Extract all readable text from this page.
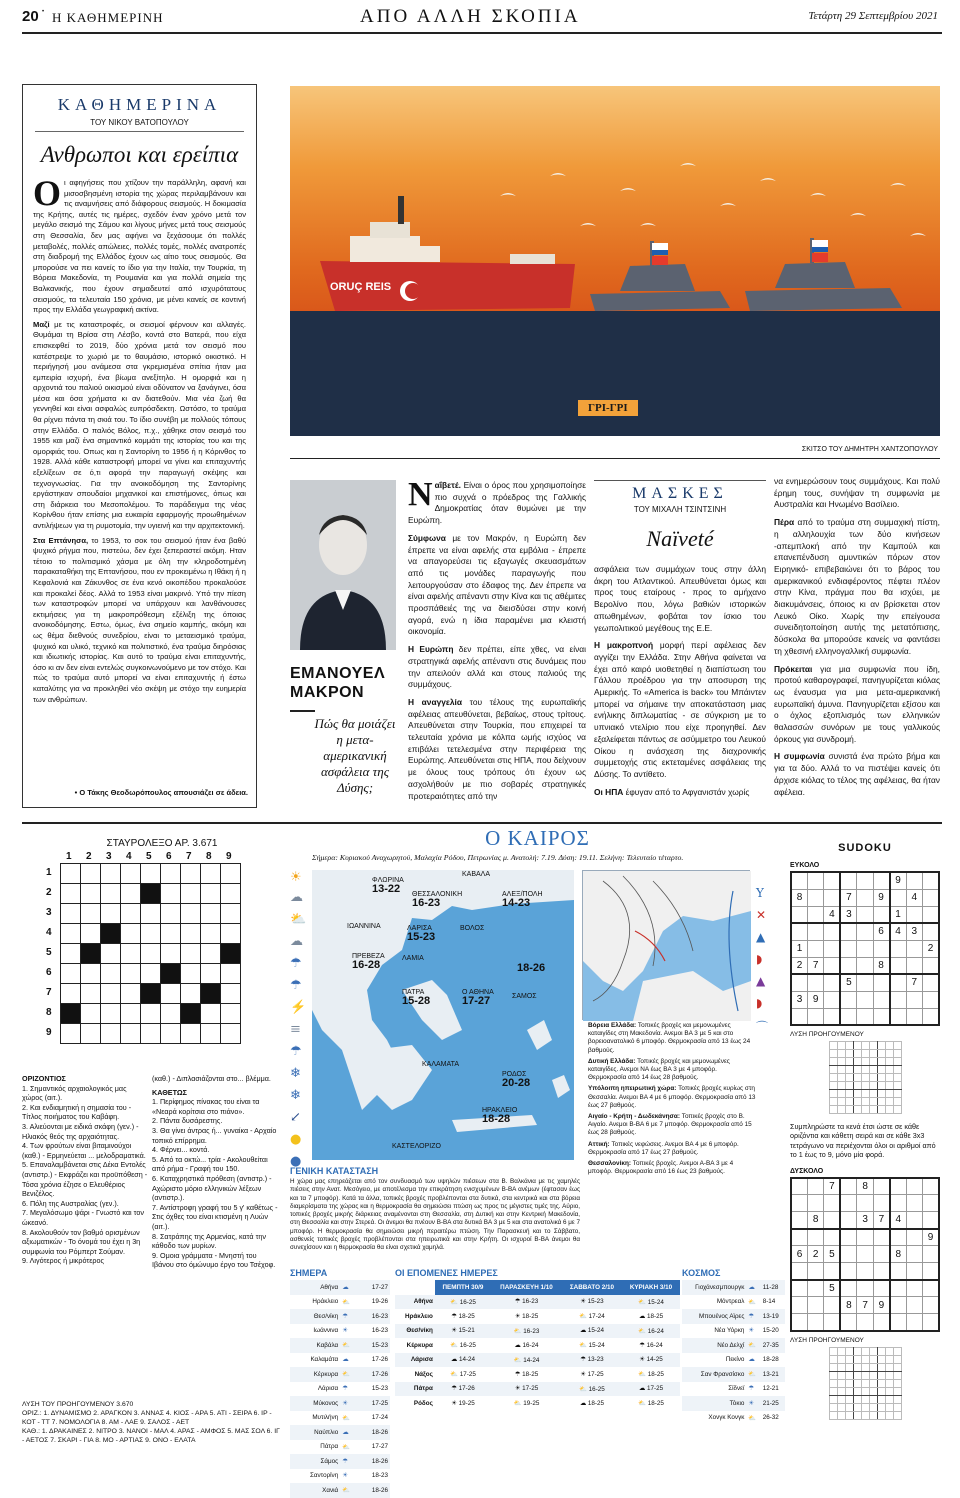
20 • Η ΚΑΘΗΜΕΡΙΝΗ	ΑΠΟ ΑΛΛΗ ΣΚΟΠΙΑ	Τετάρτη 29 Σεπτεμβρίου 2021
ΚΑΘΗΜΕΡΙΝΑ
ΤΟΥ ΝΙΚΟΥ ΒΑΤΟΠΟΥΛΟΥ
Ανθρωποι και ερείπια

Οι αφηγήσεις που χτίζουν την παράλληλη, αφανή και μισοσβησμένη ιστορία της χώρας περιλαμβάνουν και τις αναμνήσεις από διάφορους σεισμούς. Η δοκιμασία της Κρήτης, αυτές τις ημέρες, σχεδόν έναν χρόνο μετά τον μεγάλο σεισμό της Σάμου και λίγους μήνες μετά τους σεισμούς στη Θεσσαλία, δεν μας αφήνει να ξεχάσουμε ότι πολλές μεταβολές, πολλές απώλειες, πολλές τομές, πολλές ανατροπές στη διαδρομή της Ελλάδος έχουν ως αίτιο τους σεισμούς. Θα μπορούσε να πει κανείς το ίδιο για την Ιταλία, την Τουρκία, τη Βόρεια Μακεδονία, τη Ρουμανία και για πολλά σημεία της Βαλκανικής, που έχουν σημαδευτεί από ισχυρότατους σεισμούς, τα τελευταία 150 χρόνια, με μένει κανείς σε κοντινή προς την Ελλάδα γεωγραφική ακτίνα.

Μαζί με τις καταστροφές, οι σεισμοί φέρνουν και αλλαγές. Θυμάμαι τη Βρίσα στη Λέσβο, κοντά στο Βατερά, που είχα επισκεφθεί το 2019, δύο χρόνια μετά τον σεισμό που κατέστρεψε το χωριό με το θαυμάσιο, ιστορικό οικιστικό. Η περιήγησή μου ανάμεσα στα γκρεμισμένα σπίτια ήταν μια εμπειρία ισχυρή, ένα βίωμα ανεξίτηλο. Η ομορφιά και η αρχοντιά του παλιού οικισμού είναι οδύνατον να ξανάγινει, όσα μέσα και όσα χρήματα κι αν διατεθούν. Μια νέα ζωή θα γεννηθεί και είναι ασφαλώς ευπρόσδεκτη. Ωστόσο, το τραύμα θα ρίχνει πάντα τη σκιά του. Το ίδιο συνέβη με πολλούς τόπους στην Ελλάδα. Ο παλιός Βόλος, π.χ., χάθηκε στον σεισμό του 1955 και μαζί ένα σημαντικό κομμάτι της ιστορίας του και της ομορφιάς του. Οπως και η Σαντορίνη το 1956 ή η Κόρινθος το 1928. Αλλά κάθε καταστροφή μπορεί να γίνει και επιταχυντής εξελίξεων σε ό,τι αφορά την παραγωγή σκέψης και τεχνογνωσίας. Για την ανοικοδόμηση της Σαντορίνης εργάστηκαν σπουδαίοι μηχανικοί και επιστήμονες, όπως και στη διάρκεια του Μεσοπολέμου. Το παράδειγμα της νέας Κορίνθου ήταν επίσης μια ευκαιρία εφαρμογής προωθημένων αντιλήψεων για τη ρυμοτομία, την υγιεινή και την αρχιτεκτονική.

Στα Επτάνησα, το 1953, το σοκ του σεισμού ήταν ένα βαθύ ψυχικό ρήγμα που, πιστεύω, δεν έχει ξεπεραστεί ακόμη. Ηταν τέτοιο το πολιτισμικό χάσμα με όλη την κληροδοτημένη παρακαταθήκη της Επτανήσου, που εν προκειμένω η Ιθάκη ή η Κεφαλονιά και Ζάκυνθος σε ένα κενό οικοπέδου προκαλούσε και προκαλεί δέος. Αλλά το 1953 είναι μακρινό. Υπό την πίεση των καταστροφών μπορεί να υπάρχουν και λανθάνουσες εκτιμήσεις για τη μακροπρόθεσμη εξέλιξη της όποιας ανοικοδόμησης. Εστω, όμως, ένα σημείο καμπής, ακόμη και ως θέμα διεθνούς συνεδρίου, είναι το μεταεισμικό τραύμα, ψυχικό και υλικό, τεχνικό και πολιτιστικό, ένα τραύμα διηρόσιας και ιδιωτικής ιστορίας. Και αυτό το τραύμα είναι επιταχυντής, όσο κι αν δεν είναι εντελώς συγκοινωνούμενο με τον στόχο. Και πώς το τραύμα αυτό μπορεί να είναι επιταχυντής ή έστω καταλύτης για να προκληθεί νέο σκέψη με στόχο την ευημερία των ανθρώπων.

• Ο Τάκης Θεοδωρόπουλος απουσιάζει σε άδεια.
ORUÇ REIS
ΓΡΙ-ΓΡΙ
ΣΚΙΤΣΟ ΤΟΥ ΔΗΜΗΤΡΗ ΧΑΝΤΖΟΠΟΥΛΟΥ
ΕΜΑΝΟΥΕΛ
ΜΑΚΡΟΝ
Πώς θα μοιάζει η μετα-αμερικανική ασφάλεια της Δύσης;

Ναΐβετέ. Είναι ο όρος που χρησιμοποίησε πιο συχνά ο πρόεδρος της Γαλλικής Δημοκρατίας όταν θυμώνει με την Ευρώπη.

Σύμφωνα με τον Μακρόν, η Ευρώπη δεν έπρεπε να είναι αφελής στα εμβόλια - έπρεπε να απαγορεύσει τις εξαγωγές σκευασμάτων από τις μονάδες παραγωγής που λειτουργούσαν στο έδαφος της. Δεν έπρεπε να είναι αφελής απέναντι στην Κίνα και τις αθέμιτες προσπάθειές της να διεισδύσει στην κοινή αγορά, ενώ η ίδια παραμένει μια κλειστή οικονομία.

Η Ευρώπη δεν πρέπει, είπε χθες, να είναι στρατηγικά αφελής απέναντι στις δυνάμεις που την απειλούν αλλά και στους παλιούς της συμμάχους.

Η αναγγελία του τέλους της ευρωπαϊκής αφέλειας απευθύνεται, βεβαίως, στους τρίτους. Απευθύνεται στην Τουρκία, που επιχειρεί τα τελευταία χρόνια με κόλπα ωμής ισχύος να επιβάλει τετελεσμένα στην περιφέρεια της Ευρώπης. Απευθύνεται στις ΗΠΑ, που δείχνουν με όλους τους τρόπους ότι έχουν ως ασχολήθούν με πιο σοβαρές στρατηγικές προτεραιότητες από την

ΜΑΣΚΕΣ
ΤΟΥ ΜΙΧΑΛΗ ΤΣΙΝΤΣΙΝΗ
Naïveté

ασφάλεια των συμμάχων τους στην άλλη άκρη του Ατλαντικού. Απευθύνεται όμως και προς τους εταίρους - προς το αμήχανο Βερολίνο που, λόγω βαθιών ιστορικών απωθημένων, φοβάται τον ίσκιο του γεωπολιτικού μεγέθους της Ε.Ε.

Η μακροπνοή μορφή περί αφέλειας δεν αγγίζει την Ελλάδα. Στην Αθήνα φαίνεται να έχει από καιρό υιοθετηθεί η διαπίστωση του Γάλλου προέδρου για την αποσυρση της Αμερικής. Το «America is back» του Μπάιντεν μπορεί να σήμαινε την αποκατάσταση μιας ενήλικης διπλωματίας - σε σύγκριση με το υπνιακό ντελίριο που είχε προηγηθεί. Δεν εξαλείφεται πάντως σε ασύμμετρο του Λευκού Οίκου η ανάσχεση της διαχρονικής συμμετοχής στις εκτεταμένες ασφάλειας της Δύσης. Το αντίθετο.

Οι ΗΠΑ έφυγαν από το Αφγανιστάν χωρίς

να ενημερώσουν τους συμμάχους. Και πολύ έρημη τους, συνήψαν τη συμφωνία με Αυστραλία και Ηνωμένο Βασίλειο.

Πέρα από το τραύμα στη συμμαχική πίστη, η αλληλουχία των δύο κινήσεων -απεμπλοκή από την Καμπούλ και επανεπένδυση αμυντικών πόρων στον Ειρηνικό- επιβεβαιώνει ότι το βάρος του αμερικανικού ενδιαφέροντος πέφτει πλέον στην Κίνα, πράγμα που θα ισχύει, με διακυμάνσεις, όποιος κι αν βρίσκεται στον Λευκό Οίκο. Χωρίς την επείγουσα συνειδητοποίηση αυτής της μετατόπισης, δύσκολα θα μπορούσε κανείς να φαντάσει τη χθεσινή ελληνογαλλική συμφωνία.

Πρόκειται για μια συμφωνία που ίδη, προτού καθαρογραφεί, πανηγυρίζεται κιόλας ως έναυσμα για μια μετα-αμερικανική ευρωπαϊκή άμυνα. Πανηγυρίζεται εξίσου και ο όχλος εξοπλισμός των ελληνικών θαλασσών συνόρων με τους γαλλικούς όρκους για συνδρομή.

Η συμφωνία συνιστά ένα πρώτο βήμα και για τα δύο. Αλλά το να πιστέψει κανείς ότι άρχισε κιόλας το τέλος της αφέλειας, θα ήταν αφέλεια.

ΣΤΑΥΡΟΛΕΞΟ ΑΡ. 3.671
1 2 3 4 5 6 7 8 9
1
2
3
4
5
6
7
8
9
ΟΡΙΖΟΝΤΙΟΣ
1. Σημαντικός αρχαιολογικός μας χώρος (αιτ.).
2. Και ενδιαμητική η σημασία του - Τίτλος ποιήματος του Καβάφη.
3. Αλιεύονται με ειδικά σκάφη (γεν.) - Ηλιακός θεός της αρχαιότητας.
4. Των φρούτων είναι βιταμινούχοι (καθ.) - Ερμηνεύεται ... μελοδραματικά.
5. Επαναλαμβάνεται στις Δέκα Εντολές (αντιστρ.) - Εκφράζει και προϋπόθεση - Τόσα χρόνια έζησε ο Ελευθέριος Βενιζέλος.
6. Πόλη της Αυστραλίας (γεν.).
7. Μεγαλόσωμο ψάρι - Γνωστό και τον ώκεανό.
8. Ακολουθούν τον βαθμό ορισμένων αξιωματικών - Το όνομά του έχει η 3η συμφωνία του Ρόμπερτ Σούμαν.
9. Λιγότερος ή μικρότερος
(καθ.) - Διπλασιάζονται στο... βλέμμα.
ΚΑΘΕΤΩΣ
1. Περίφημος πίνακας του είναι τα «Νεαρά κορίτσια στο πιάνο».
2. Πάντα δυσάρεστης.
3. Θα γίνει άντρας ή... γυναίκα - Αρχαίο τοπικό επίρρημα.
4. Φέρνει... κοντά.
5. Από τα οκτώ... τρία - Ακολουθείται από ρήμα - Γραφή του 150.
6. Καταχρηστικά πρόθεση (αντιστρ.) - Αχώριστο μόριο ελληνικών λέξεων (αντιστρ.).
7. Αντίστροφη γραφή του 5 γ' καθέτως - Στις όχθες του είναι κτισμένη η Λυών (αιτ.).
8. Σατράπης της Αρμενίας, κατά την κάθοδο των μυρίων.
9. Ομοια γράμματα - Μνηστή του Ιβάνου στο όμώνυμο έργο του Τσέχοφ.
ΛΥΣΗ ΤΟΥ ΠΡΟΗΓΟΥΜΕΝΟΥ 3.670
ΟΡΙΖ.: 1. ΔΥΝΑΜΙΣΜΟ 2. ΑΡΑΓΚΟΝ 3. ΑΝΝΑΣ 4. ΚΙΟΣ - ΑΡΑ 5. ΑΤΙ - ΣΕΙΡΑ 6. ΙΡ - ΚΟΤ - ΤΤ 7. ΝΟΜΟΛΟΓΙΑ 8. ΑΜ - ΛΑΕ 9. ΣΑΛΟΣ - ΑΕΤ
ΚΑΘ.: 1. ΔΡΑΚΑΙΝΕΣ 2. ΝΙΤΡΟ 3. ΝΑΝΟΙ - ΜΑΛ 4. ΑΡΑΣ - ΑΜΦΟΣ 5. ΜΑΣ ΣΟΛ 6. ΙΓ - ΑΕΤΟΣ 7. ΣΚΑΡΙ - ΓΙΑ 8. ΜΟ - ΑΡΤΙΑΣ 9. ΟΝΟ - ΕΛΑΤΑ
Ο ΚΑΙΡΟΣ
Σήμερα: Κυριακού Αναχωρητού, Μαλαχία Ρόδου, Πετρωνίας μ. Ανατολή: 7.19. Δύση: 19.11. Σελήνη: Τελευταίο τέταρτο.
☀
☁
⛅
☁
☂
☂
⚡
≡
☂
❄
❄
↙
●
●
ΦΛΩΡΙΝΑ
13-22
ΚΑΒΑΛΑ
ΘΕΣΣΑΛΟΝΙΚΗ
16-23
ΑΛΕΞ/ΠΟΛΗ
14-23
ΙΩΑΝΝΙΝΑ	ΛΑΡΙΣΑ
15-23
ΒΟΛΟΣ
ΠΡΕΒΕΖΑ
16-28
ΛΑΜΙΑ
ΠΑΤΡΑ
15-28
Ο ΑΘΗΝΑ
17-27	ΣΑΜΟΣ
ΚΑΛΑΜΑΤΑ
ΡΟΔΟΣ
20-28
ΗΡΑΚΛΕΙΟ
18-28
ΚΑΣΤΕΛΟΡΙΖΟ
18-26
Y
✕
▲
◗
▲
◗
⌒
Βόρεια Ελλάδα: Τοπικές βροχές και μεμονωμένες καταιγίδες στη Μακεδονία. Ανεμοι ΒΑ 3 με 5 και στο βορειοανατολικό 6 μποφόρ. Θερμοκρασία από 13 έως 24 βαθμούς.
Δυτική Ελλάδα: Τοπικές βροχές και μεμονωμένες καταιγίδες. Ανεμοι ΝΑ έως ΒΑ 3 με 4 μποφόρ. Θερμοκρασία από 14 έως 28 βαθμούς.
Υπόλοιπη ηπειρωτική χώρα: Τοπικές βροχές κυρίως στη Θεσσαλία. Ανεμοι ΒΑ 4 με 6 μποφόρ. Θερμοκρασία από 13 έως 27 βαθμούς.
Αιγαίο - Κρήτη - Δωδεκάνησα: Τοπικές βροχές στο Β. Αιγαίο. Ανεμοι Β-ΒΑ 6 με 7 μποφόρ. Θερμοκρασία από 15 έως 28 βαθμούς.
Αττική: Τοπικές νεφώσεις. Ανεμοι ΒΑ 4 με 6 μποφόρ. Θερμοκρασία από 17 έως 27 βαθμούς.
Θεσσαλονίκη: Τοπικές βροχές. Ανεμοι Α-ΒΑ 3 με 4 μποφόρ. Θερμοκρασία από 16 έως 23 βαθμούς.
ΓΕΝΙΚΗ ΚΑΤΑΣΤΑΣΗ
Η χώρα μας επηρεάζεται από τον συνδυασμό των υψηλών πιέσεων στα Β. Βαλκάνια με τις χαμηλές πιέσεις στην Ανατ. Μεσόγειο, με αποτέλεσμα την επικράτηση ενισχυμένων Β-ΒΑ ανέμων (έφτασαν έως και τα 7 μποφόρ). Κατά τα άλλα, τοπικές βροχές προβλέπονται στα δυτικά, στα κεντρικά και στα βόρεια διαμερίσματα της χώρας και η θερμοκρασία θα σημειώσει πτώση ως προς τις μέγιστες τιμές της. Αύριο, τοπικές βροχές μικρής διάρκειας αναμένονται στη Θεσσαλία, στη Δυτική και στην Κεντρική Μακεδονία, στη Θεσσαλία και στην Στερεά. Οι άνεμοι θα πνέουν Β-ΒΑ στα δυτικά ΒΑ 3 με 5 και στα ανατολικά 6 με 7 μποφόρ. Η θερμοκρασία θα σημειώσει μικρή περαιτέρω πτώση. Την Παρασκευή και το Σάββατο, ασθενείς τοπικές βροχές προβλέπονται στα ηπειρωτικά και στην Κρήτη. Οι ισχυροί Β-ΒΑ άνεμοι θα συνεχίσουν και η θερμοκρασία θα είναι σχετικά χαμηλά.
ΣΗΜΕΡΑ
Αθήνα	☁	17-27
Ηράκλειο	⛅	19-26
Θεσ/νίκη	☂	16-23
Ιωάννινα	☀	16-23
Καβάλα	⛅	15-23
Καλαμάτα	☁	17-26
Κέρκυρα	⛅	17-26
Λάρισα	☂	15-23
Μύκονος	☀	17-25
Μυτιλήνη	⛅	17-24
Ναύπλιο	☁	18-26
Πάτρα	⛅	17-27
Σάμος	☂	18-26
Σαντορίνη	☀	18-23
Χανιά	⛅	18-26
ΟΙ ΕΠΟΜΕΝΕΣ ΗΜΕΡΕΣ
	ΠΕΜΠΤΗ 30/9	ΠΑΡΑΣΚΕΥΗ 1/10	ΣΑΒΒΑΤΟ 2/10	ΚΥΡΙΑΚΗ 3/10
Αθήνα	⛅ 16-25	☂ 16-23	☀ 15-23	⛅ 15-24
Ηράκλειο	☂ 18-25	☀ 18-25	⛅ 17-24	☁ 18-25
Θεσ/νίκη	☀ 15-21	⛅ 16-23	☁ 15-24	⛅ 16-24
Κέρκυρα	⛅ 16-25	☁ 16-24	⛅ 15-24	☂ 16-24
Λάρισα	☁ 14-24	⛅ 14-24	☂ 13-23	☀ 14-25
Νάξος	⛅ 17-25	☂ 18-25	☀ 17-25	⛅ 18-25
Πάτρα	☂ 17-26	☀ 17-25	⛅ 16-25	☁ 17-25
Ρόδος	☀ 19-25	⛅ 19-25	☁ 18-25	⛅ 18-25
ΚΟΣΜΟΣ
Γιοχάνεσμπουργκ	☁	11-28
Μόντρεαλ	⛅	8-14
Μπουένος Αϊρες	☂	13-19
Νέα Υόρκη	☀	15-20
Νέο Δελχί	⛅	27-35
Πεκίνο	☁	18-28
Σαν Φρανσίσκο	⛅	13-21
Σίδνεϊ	☂	12-21
Τόκιο	☀	21-25
Χονγκ Κονγκ	⛅	26-32
SUDOKU
ΕΥΚΟΛΟ
						9		
8			7		9		4	
		4	3			1		
					6	4	3	
1								2
2	7				8			
			5				7	
3	9							

ΛΥΣΗ ΠΡΟΗΓΟΥΜΕΝΟΥ

Συμπληρώστε τα κενά έτσι ώστε σε κάθε οριζόντια και κάθετη σειρά και σε κάθε 3x3 τετράγωνο να περιέχονται όλοι οι αριθμοί από το 1 έως το 9, μόνο μία φορά.
ΔΥΣΚΟΛΟ
		7		8				

	8			3	7	4		
								9
6	2	5				8		

		5						
			8	7	9			

ΛΥΣΗ ΠΡΟΗΓΟΥΜΕΝΟΥ
